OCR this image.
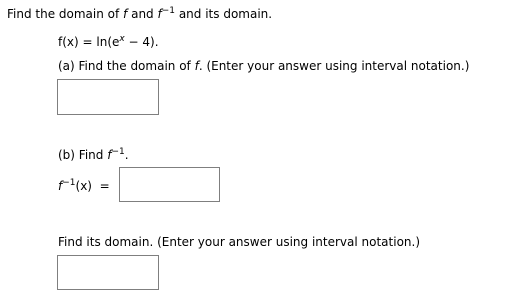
Find the domain of f and $f^{-1}$ and its domain.
$f(x) = \ln(e^x - 4)$.
(a) Find the domain of f. (Enter your answer using interval notation.)
(b) Find $f^{-1}$.
$f^{-1}(x)$  =
Find its domain. (Enter your answer using interval notation.)
